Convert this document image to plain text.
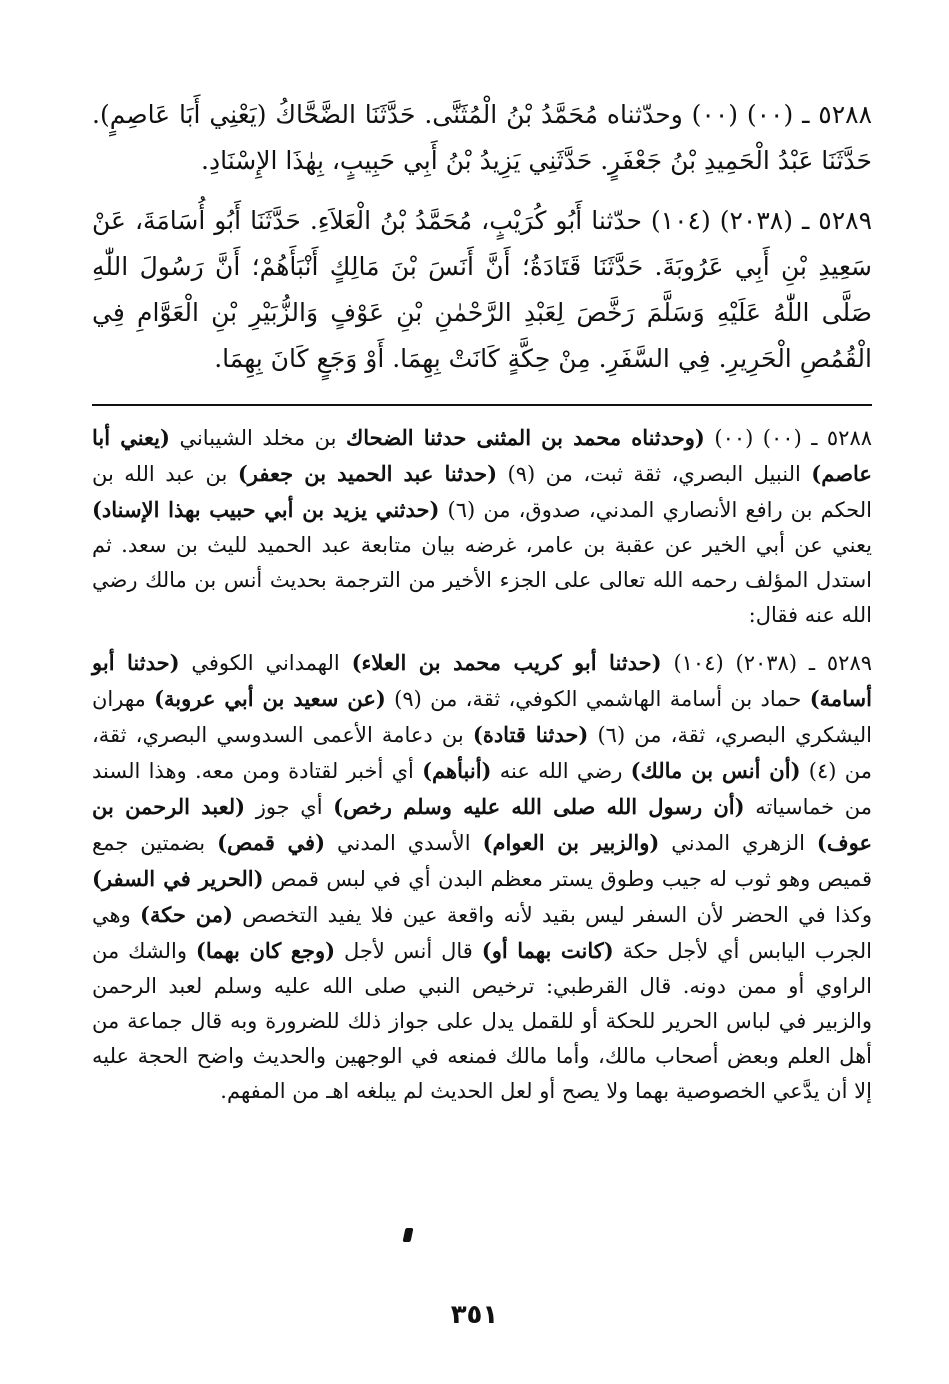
٥٢٨٨ ـ (٠٠) (٠٠) وحدّثناه مُحَمَّدُ بْنُ الْمُثَنَّى. حَدَّثَنَا الضَّحَّاكُ (يَعْنِي أَبَا عَاصِمٍ). حَدَّثَنَا عَبْدُ الْحَمِيدِ بْنُ جَعْفَرٍ. حَدَّثَنِي يَزِيدُ بْنُ أَبِي حَبِيبٍ، بِهٰذَا الإِسْنَادِ.

٥٢٨٩ ـ (٢٠٣٨) (١٠٤) حدّثنا أَبُو كُرَيْبٍ، مُحَمَّدُ بْنُ الْعَلاَءِ. حَدَّثَنَا أَبُو أُسَامَةَ، عَنْ سَعِيدِ بْنِ أَبِي عَرُوبَةَ. حَدَّثَنَا قَتَادَةُ؛ أَنَّ أَنَسَ بْنَ مَالِكٍ أَنْبَأَهُمْ؛ أَنَّ رَسُولَ اللّٰهِ صَلَّى اللّٰهُ عَلَيْهِ وَسَلَّمَ رَخَّصَ لِعَبْدِ الرَّحْمٰنِ بْنِ عَوْفٍ وَالزُّبَيْرِ بْنِ الْعَوَّامِ فِي الْقُمُصِ الْحَرِيرِ. فِي السَّفَرِ. مِنْ حِكَّةٍ كَانَتْ بِهِمَا. أَوْ وَجَعٍ كَانَ بِهِمَا.

٥٢٨٨ ـ (٠٠) (٠٠) (وحدثناه محمد بن المثنى حدثنا الضحاك بن مخلد الشيباني (يعني أبا عاصم) النبيل البصري، ثقة ثبت، من (٩) (حدثنا عبد الحميد بن جعفر) بن عبد الله بن الحكم بن رافع الأنصاري المدني، صدوق، من (٦) (حدثني يزيد بن أبي حبيب بهذا الإسناد) يعني عن أبي الخير عن عقبة بن عامر، غرضه بيان متابعة عبد الحميد لليث بن سعد. ثم استدل المؤلف رحمه الله تعالى على الجزء الأخير من الترجمة بحديث أنس بن مالك رضي الله عنه فقال:

٥٢٨٩ ـ (٢٠٣٨) (١٠٤) (حدثنا أبو كريب محمد بن العلاء) الهمداني الكوفي (حدثنا أبو أسامة) حماد بن أسامة الهاشمي الكوفي، ثقة، من (٩) (عن سعيد بن أبي عروبة) مهران اليشكري البصري، ثقة، من (٦) (حدثنا قتادة) بن دعامة الأعمى السدوسي البصري، ثقة، من (٤) (أن أنس بن مالك) رضي الله عنه (أنبأهم) أي أخبر لقتادة ومن معه. وهذا السند من خماسياته (أن رسول الله صلى الله عليه وسلم رخص) أي جوز (لعبد الرحمن بن عوف) الزهري المدني (والزبير بن العوام) الأسدي المدني (في قمص) بضمتين جمع قميص وهو ثوب له جيب وطوق يستر معظم البدن أي في لبس قمص (الحرير في السفر) وكذا في الحضر لأن السفر ليس بقيد لأنه واقعة عين فلا يفيد التخصص (من حكة) وهي الجرب اليابس أي لأجل حكة (كانت بهما أو) قال أنس لأجل (وجع كان بهما) والشك من الراوي أو ممن دونه. قال القرطبي: ترخيص النبي صلى الله عليه وسلم لعبد الرحمن والزبير في لباس الحرير للحكة أو للقمل يدل على جواز ذلك للضرورة وبه قال جماعة من أهل العلم وبعض أصحاب مالك، وأما مالك فمنعه في الوجهين والحديث واضح الحجة عليه إلا أن يدَّعي الخصوصية بهما ولا يصح أو لعل الحديث لم يبلغه اهـ من المفهم.

٣٥١
